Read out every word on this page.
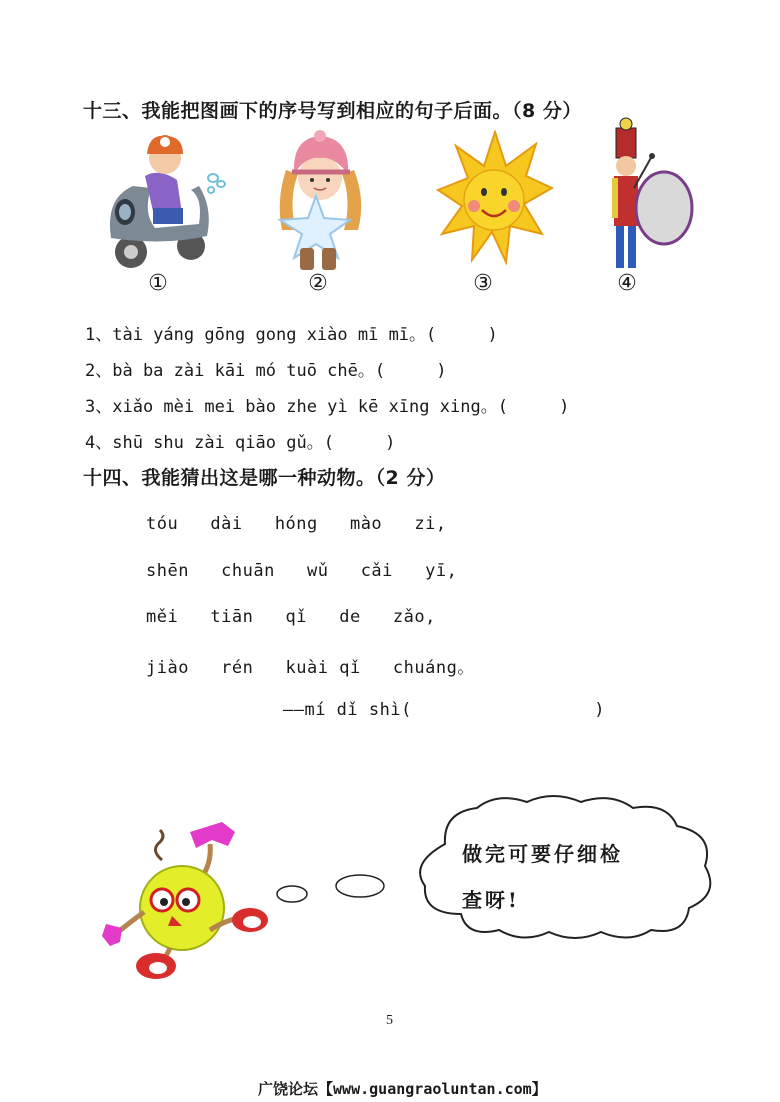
十三、我能把图画下的序号写到相应的句子后面。（8 分）
①	②	③	④
1、tài yáng gōng gong xiào mī mī。(     )
2、bà ba zài kāi mó tuō chē。(     )
3、xiǎo mèi mei bào zhe yì kē xīng xing。(     )
4、shū shu zài qiāo gǔ。(     )
十四、我能猜出这是哪一种动物。（2 分）
tóu   dài   hóng   mào   zi,
shēn   chuān   wǔ   cǎi   yī,
měi   tiān   qǐ   de   zǎo,
jiào   rén   kuài qǐ   chuáng。
——mí dǐ shì(                 )
做完可要仔细检
查呀!
5
广饶论坛【www.guangraoluntan.com】
